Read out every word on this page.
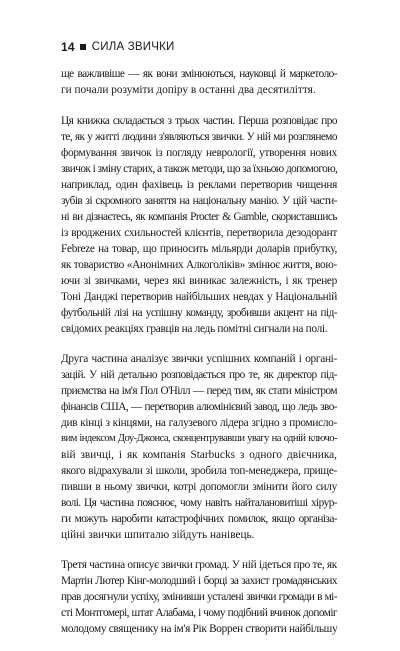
14 СИЛА ЗВИЧКИ

ще важливіше — як вони змінюються, науковці й маркетоло-
ги почали розуміти допіру в останні два десятиліття.

Ця книжка складається з трьох частин. Перша розповідає про
те, як у житті людини з'являються звички. У ній ми розглянемо
формування звичок із погляду неврології, утворення нових
звичок і зміну старих, а також методи, що за їхньою допомогою,
наприклад, один фахівець із реклами перетворив чищення
зубів зі скромного заняття на національну манію. У цій части-
ні ви дізнаєтесь, як компанія Procter & Gamble, скориставшись
із вроджених схильностей клієнтів, перетворила дезодорант
Febreze на товар, що приносить мільярди доларів прибутку,
як товариство «Анонімних Алкоголіків» змінює життя, вою-
ючи зі звичками, через які виникає залежність, і як тренер
Тоні Данджі перетворив найбільших невдах у Національній
футбольній лізі на успішну команду, зробивши акцент на під-
свідомих реакціях гравців на ледь помітні сигнали на полі.

Друга частина аналізує звички успішних компаній і органі-
зацій. У ній детально розповідається про те, як директор під-
приємства на ім'я Пол О'Нілл — перед тим, як стати міністром
фінансів США, — перетворив алюмінієвий завод, що ледь зво-
див кінці з кінцями, на галузевого лідера згідно з промисло-
вим індексом Доу-Джонса, сконцентрувавши увагу на одній ключо-
вій звичці, і як компанія Starbucks з одного двієчника,
якого відрахували зі школи, зробила топ-менеджера, прище-
пивши в ньому звички, котрі допомогли змінити його силу
волі. Ця частина пояснює, чому навіть найталановитіші хірур-
ги можуть наробити катастрофічних помилок, якщо організа-
ційні звички шпиталю зійдуть нанівець.

Третя частина описує звички громад. У ній ідеться про те, як
Мартін Лютер Кінг-молодший і борці за захист громадянських
прав досягнули успіху, змінивши усталені звички громади в мі-
сті Монтгомері, штат Алабама, і чому подібний вчинок допоміг
молодому священику на ім'я Рік Воррен створити найбільшу
